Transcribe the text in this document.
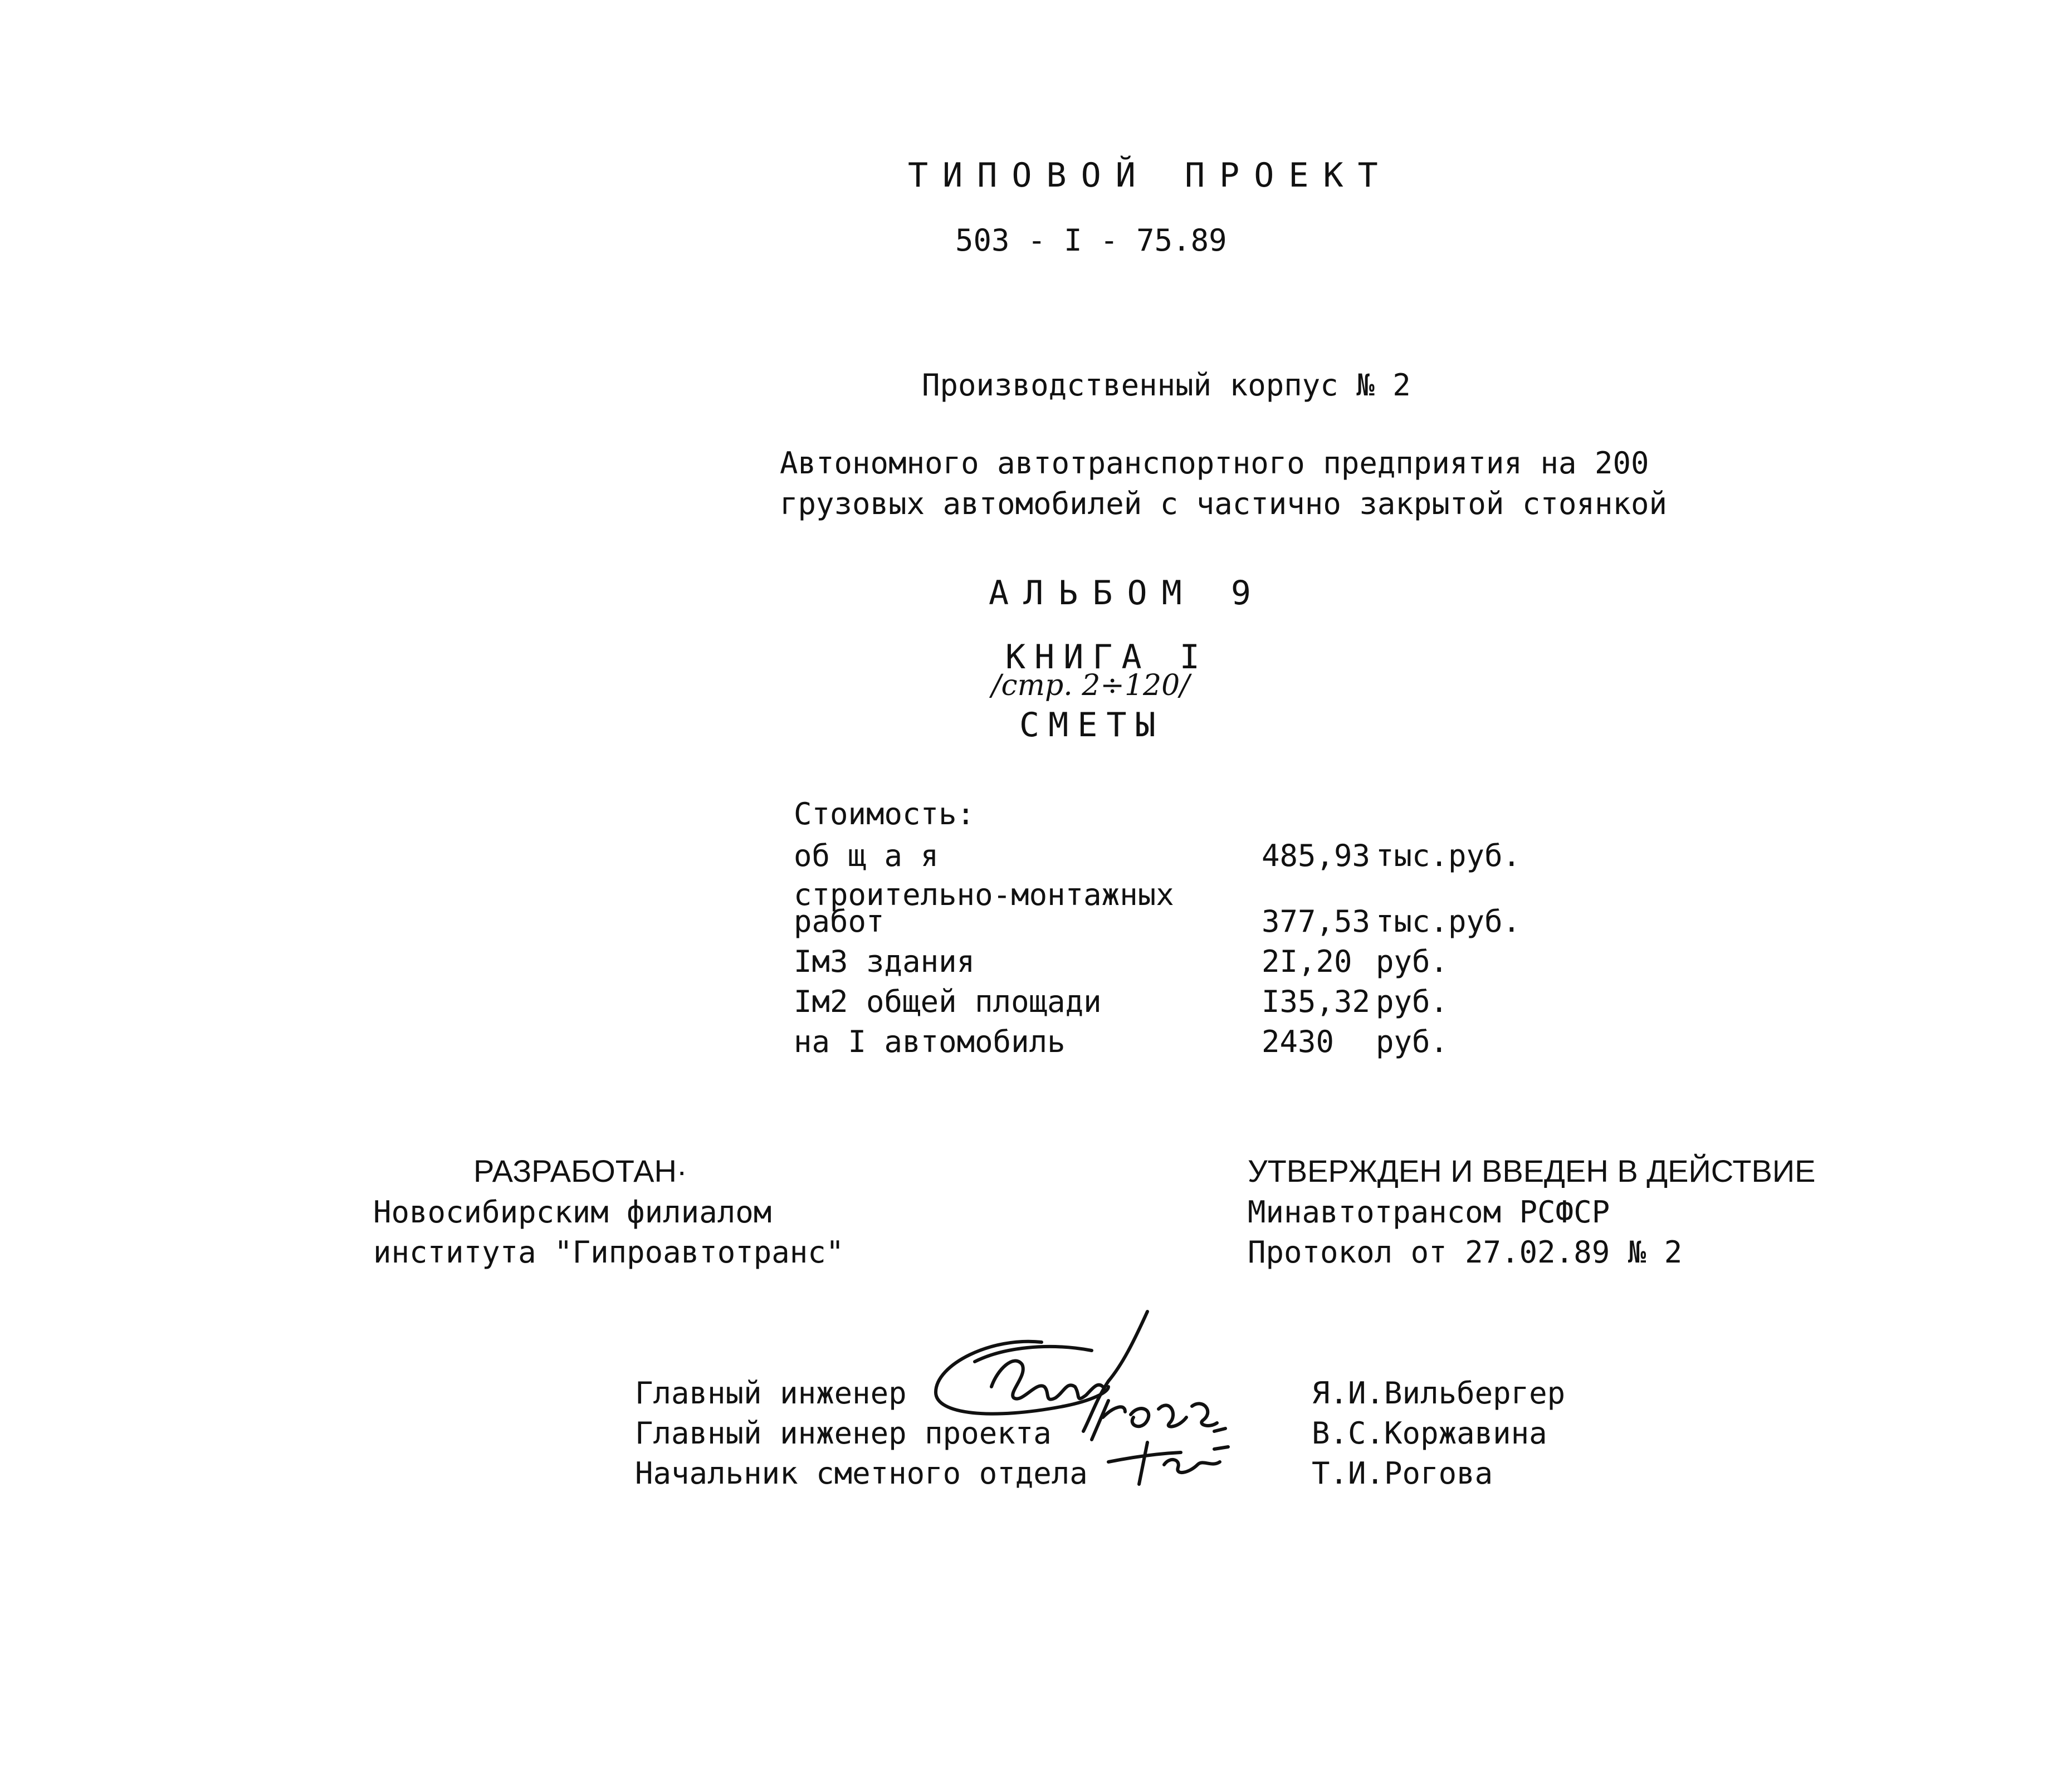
ТИПОВОЙ ПРОЕКТ
503 - I - 75.89
Производственный корпус № 2
Автономного автотранспортного предприятия на 200
грузовых автомобилей с частично закрытой стоянкой
АЛЬБОМ 9
КНИГА I
/стр. 2÷120/
СМЕТЫ
Стоимость:
об щ а я	485,93 тыс.руб.
строительно-монтажных
работ	377,53 тыс.руб.
Iм3 здания	2I,20 руб.
Iм2 общей площади	I35,32 руб.
на I автомобиль	2430 руб.
РАЗРАБОТАН·
Новосибирским филиалом
института "Гипроавтотранс"
УТВЕРЖДЕН И ВВЕДЕН В ДЕЙСТВИЕ
Минавтотрансом РСФСР
Протокол от 27.02.89 № 2
Главный инженер	Я.И.Вильбергер
Главный инженер проекта	В.С.Коржавина
Начальник сметного отдела	Т.И.Рогова
